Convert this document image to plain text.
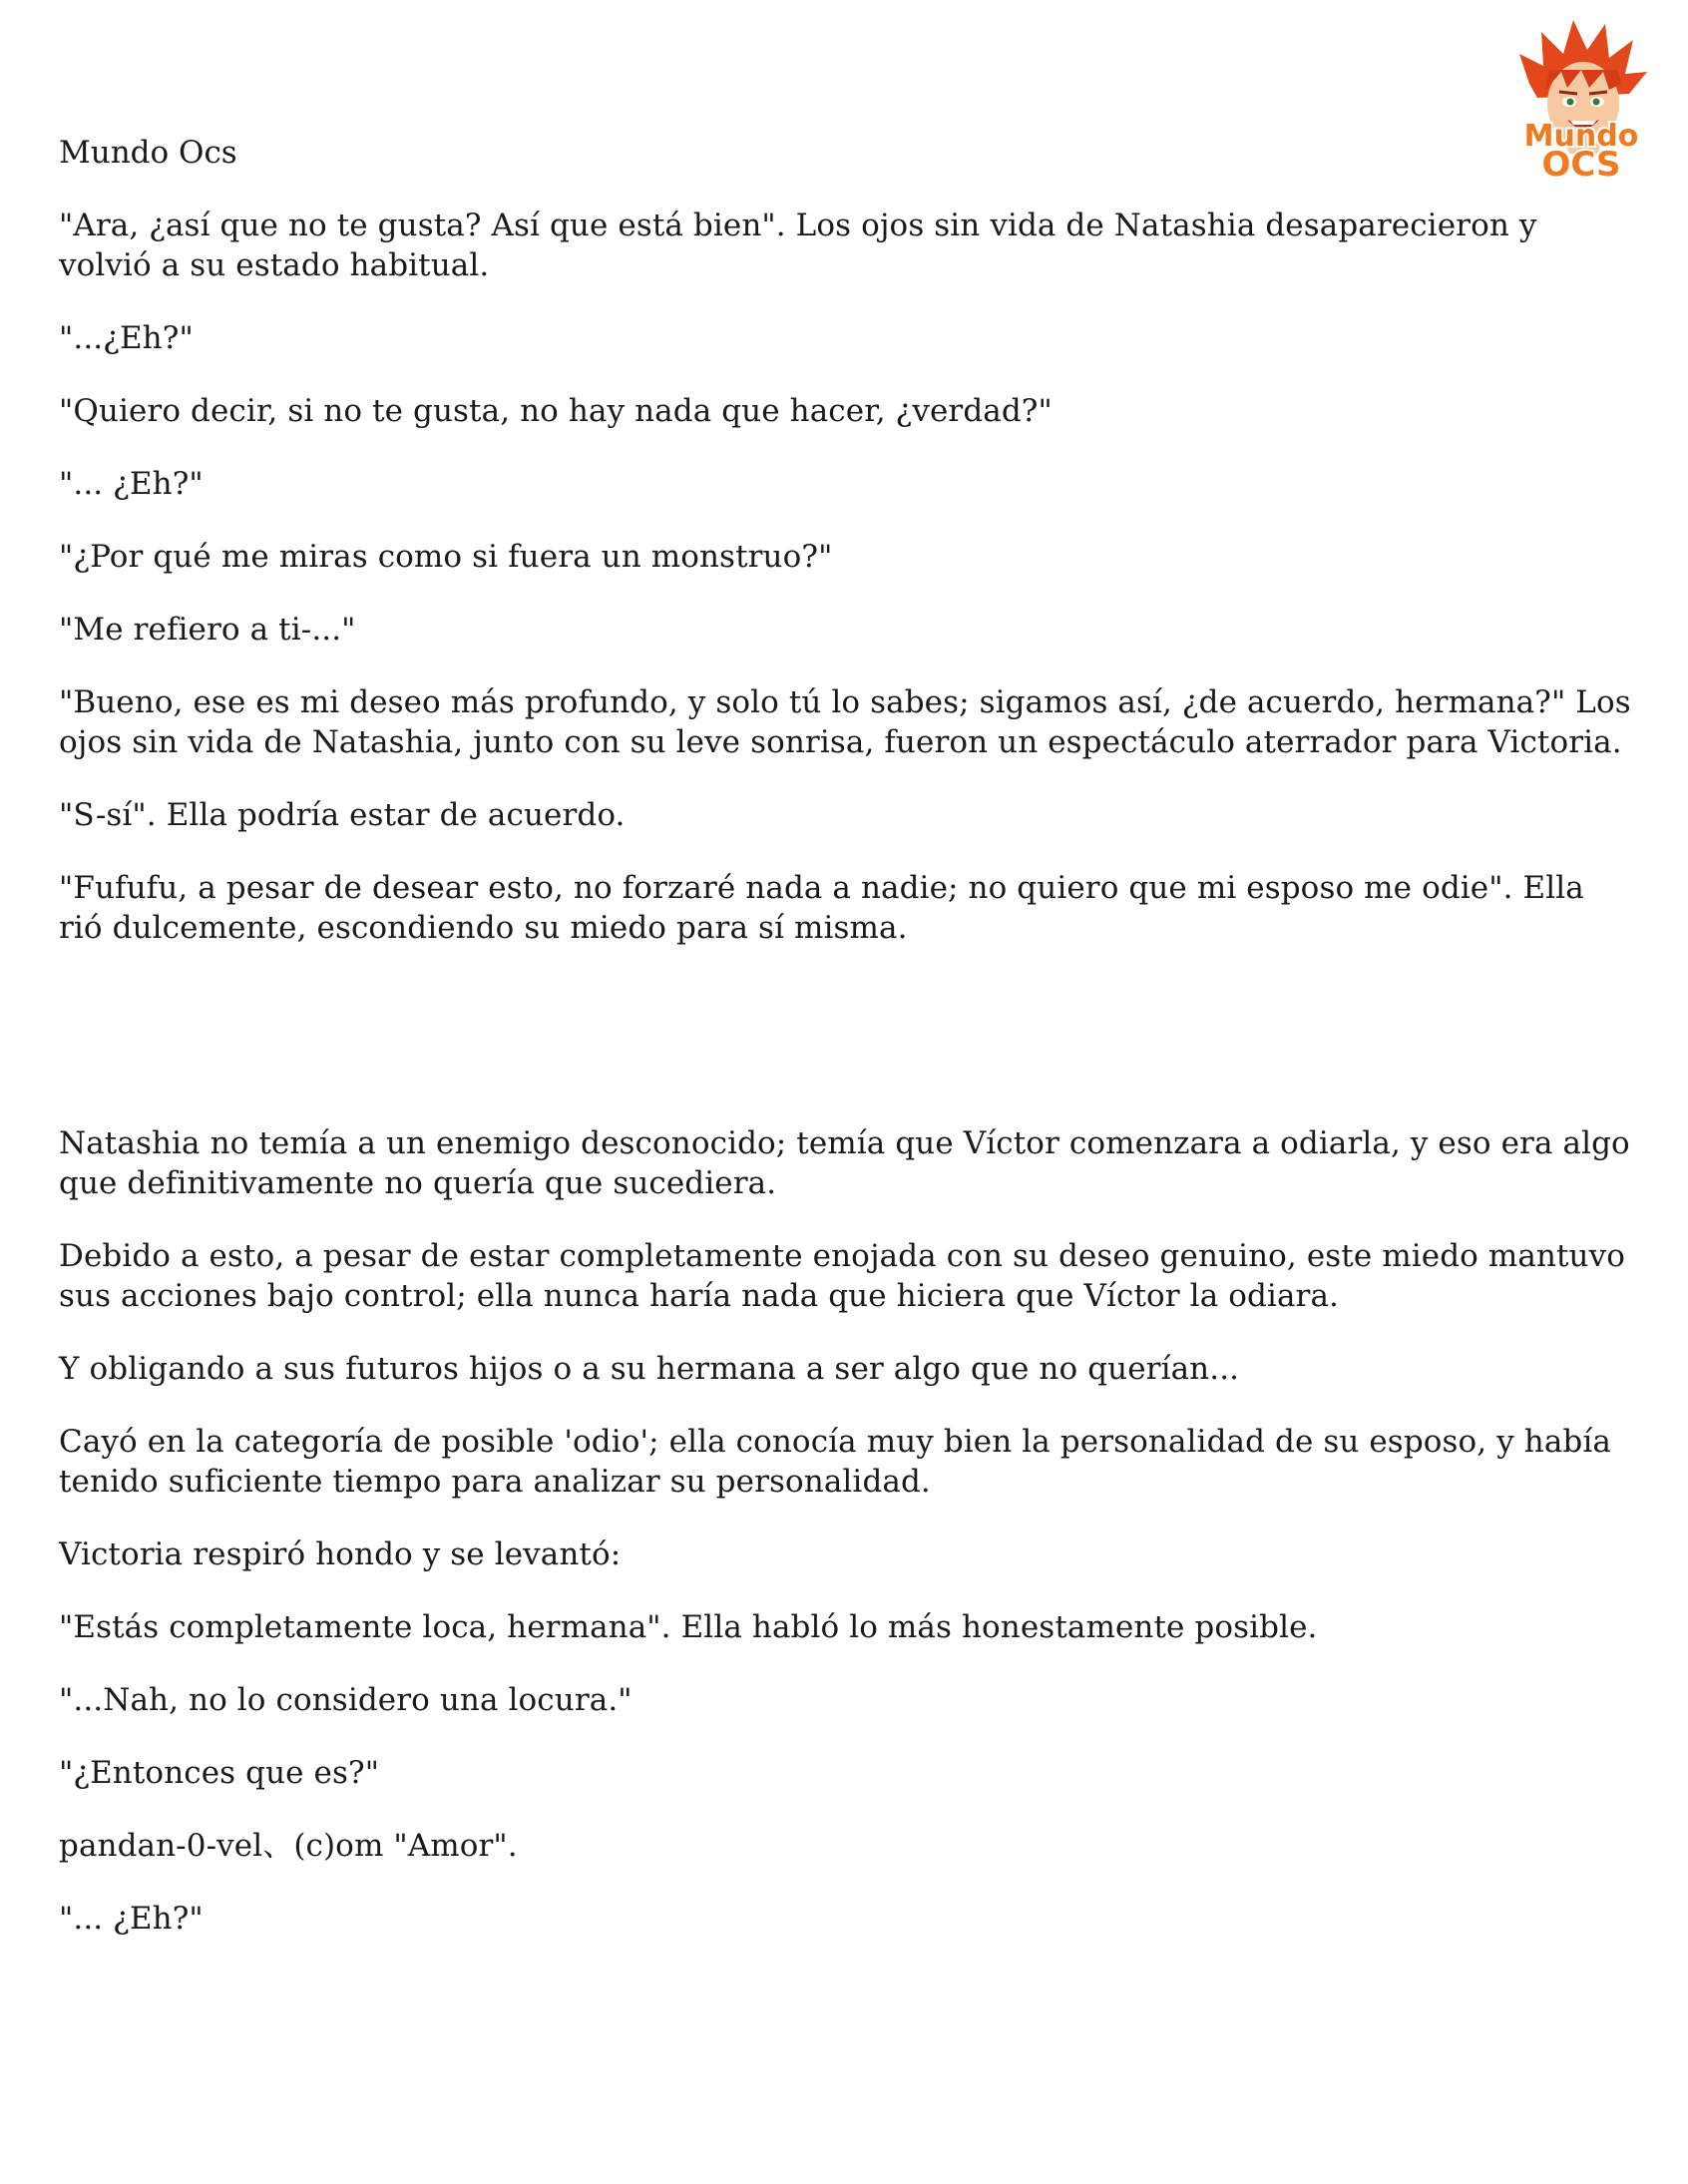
Mundo
OCS
Mundo Ocs

"Ara, ¿así que no te gusta? Así que está bien". Los ojos sin vida de Natashia desaparecieron y volvió a su estado habitual.

"...¿Eh?"

"Quiero decir, si no te gusta, no hay nada que hacer, ¿verdad?"

"... ¿Eh?"

"¿Por qué me miras como si fuera un monstruo?"

"Me refiero a ti-..."

"Bueno, ese es mi deseo más profundo, y solo tú lo sabes; sigamos así, ¿de acuerdo, hermana?" Los ojos sin vida de Natashia, junto con su leve sonrisa, fueron un espectáculo aterrador para Victoria.

"S-sí". Ella podría estar de acuerdo.

"Fufufu, a pesar de desear esto, no forzaré nada a nadie; no quiero que mi esposo me odie". Ella rió dulcemente, escondiendo su miedo para sí misma.

Natashia no temía a un enemigo desconocido; temía que Víctor comenzara a odiarla, y eso era algo que definitivamente no quería que sucediera.

Debido a esto, a pesar de estar completamente enojada con su deseo genuino, este miedo mantuvo sus acciones bajo control; ella nunca haría nada que hiciera que Víctor la odiara.

Y obligando a sus futuros hijos o a su hermana a ser algo que no querían...

Cayó en la categoría de posible 'odio'; ella conocía muy bien la personalidad de su esposo, y había tenido suficiente tiempo para analizar su personalidad.

Victoria respiró hondo y se levantó:

"Estás completamente loca, hermana". Ella habló lo más honestamente posible.

"...Nah, no lo considero una locura."

"¿Entonces que es?"

pandan-0-vel、(c)om "Amor".

"... ¿Eh?"
